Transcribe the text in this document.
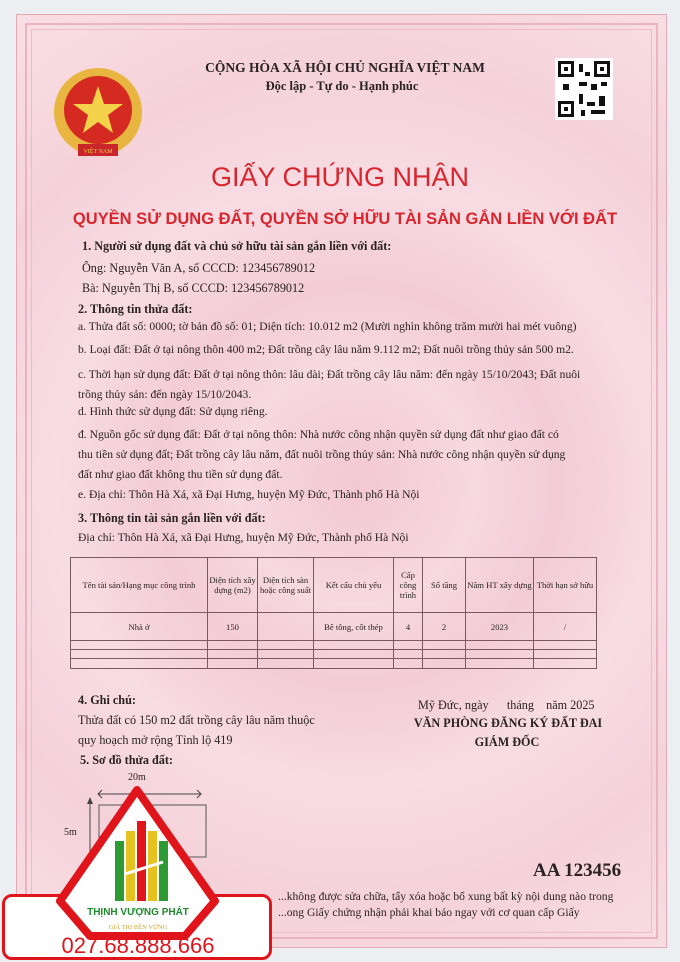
VIỆT NAM
CỘNG HÒA XÃ HỘI CHỦ NGHĨA VIỆT NAM
Độc lập - Tự do - Hạnh phúc
GIẤY CHỨNG NHẬN
QUYỀN SỬ DỤNG ĐẤT, QUYỀN SỞ HỮU TÀI SẢN GẮN LIỀN VỚI ĐẤT
1. Người sử dụng đất và chủ sở hữu tài sản gắn liền với đất:
Ông: Nguyễn Văn A, số CCCD: 123456789012
Bà: Nguyễn Thị B, số CCCD: 123456789012
2. Thông tin thửa đất:
a. Thửa đất số: 0000; tờ bản đồ số: 01; Diện tích: 10.012 m2 (Mười nghìn không trăm mười hai mét vuông)
b. Loại đất: Đất ở tại nông thôn 400 m2; Đất trồng cây lâu năm 9.112 m2; Đất nuôi trồng thủy sản 500 m2.
c. Thời hạn sử dụng đất: Đất ở tại nông thôn: lâu dài; Đất trồng cây lâu năm: đến ngày 15/10/2043; Đất nuôi
trồng thủy sản: đến ngày 15/10/2043.
d. Hình thức sử dụng đất: Sử dụng riêng.
đ. Nguồn gốc sử dụng đất: Đất ở tại nông thôn: Nhà nước công nhận quyền sử dụng đất như giao đất có
thu tiền sử dụng đất; Đất trồng cây lâu năm, đất nuôi trồng thủy sản: Nhà nước công nhận quyền sử dụng
đất như giao đất không thu tiền sử dụng đất.
e. Địa chỉ: Thôn Hà Xá, xã Đại Hưng, huyện Mỹ Đức, Thành phố Hà Nội
3. Thông tin tài sản gắn liền với đất:
Địa chỉ: Thôn Hà Xá, xã Đại Hưng, huyện Mỹ Đức, Thành phố Hà Nội
Tên tài sản/Hạng mục công trình	Diện tích xây dựng (m2)	Diện tích sàn hoặc công suất	Kết cấu chủ yếu	Cấp công trình	Số tầng	Năm HT xây dựng	Thời hạn sở hữu
Nhà ở	150		Bê tông, cốt thép	4	2	2023	/

4. Ghi chú:
Thửa đất có 150 m2 đất trồng cây lâu năm thuộc
quy hoạch mở rộng Tỉnh lộ 419
Mỹ Đức, ngày      tháng    năm 2025
VĂN PHÒNG ĐĂNG KÝ ĐẤT ĐAI
GIÁM ĐỐC
5. Sơ đồ thửa đất:
20m
5m
AA 123456
...không được sửa chữa, tẩy xóa hoặc bổ xung bất kỳ nội dung nào trong
...ong Giấy chứng nhận phải khai báo ngay với cơ quan cấp Giấy
THỊNH VƯỢNG PHÁT
GIÁ TRỊ BỀN VỮNG
027.68.888.666
